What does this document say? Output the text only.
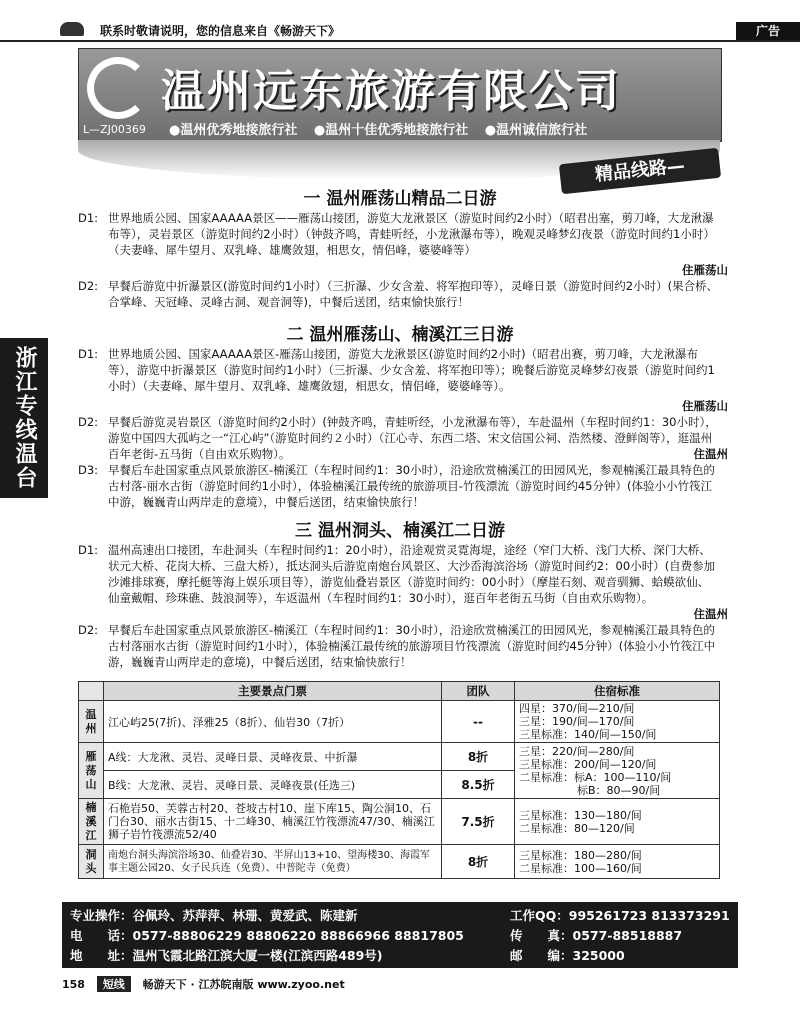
联系时敬请说明，您的信息来自《畅游天下》	广告
温州远东旅游有限公司
L—ZJ00369 ●温州优秀地接旅行社 ●温州十佳优秀地接旅行社 ●温州诚信旅行社
精品线路—
浙江专线温台
一 温州雁荡山精品二日游
D1: 世界地质公园、国家AAAAA景区——雁荡山接团，游览大龙湫景区（游览时间约2小时）（昭君出塞，剪刀峰，大龙湫瀑布等），灵岩景区（游览时间约2小时）（钟鼓齐鸣，青蛙听经，小龙湫瀑布等），晚观灵峰梦幻夜景（游览时间约1小时）（夫妻峰、犀牛望月、双乳峰、雄鹰敛翅，相思女，情侣峰，婆婆峰等）
住雁荡山
D2: 早餐后游览中折瀑景区(游览时间约1小时）（三折瀑、少女含羞、将军抱印等），灵峰日景（游览时间约2小时）(果合桥、合掌峰、天冠峰、灵峰古洞、观音洞等)，中餐后送团，结束愉快旅行！
二 温州雁荡山、楠溪江三日游
D1: 世界地质公园、国家AAAAA景区-雁荡山接团，游览大龙湫景区(游览时间约2小时)（昭君出赛，剪刀峰，大龙湫瀑布等），游览中折瀑景区（游览时间约1小时）（三折瀑、少女含羞、将军抱印等）；晚餐后游览灵峰梦幻夜景（游览时间约1小时）（夫妻峰、犀牛望月、双乳峰、雄鹰敛翅，相思女，情侣峰，婆婆峰等）。
住雁荡山
D2: 早餐后游览灵岩景区（游览时间约2小时）(钟鼓齐鸣，青蛙听经，小龙湫瀑布等），车赴温州（车程时间约1：30小时），游览中国四大孤屿之一“江心屿”（游览时间约２小时）（江心寺、东西二塔、宋文信国公祠、浩然楼、澄鲜阁等），逛温州百年老街-五马街（自由欢乐购物）。	住温州
D3: 早餐后车赴国家重点风景旅游区-楠溪江（车程时间约1：30小时），沿途欣赏楠溪江的田园风光，参观楠溪江最具特色的古村落-丽水古街（游览时间约1小时），体验楠溪江最传统的旅游项目-竹筏漂流（游览时间约45分钟）(体验小小竹筏江中游，巍巍青山两岸走的意境），中餐后送团，结束愉快旅行！
三 温州洞头、楠溪江二日游
D1: 温州高速出口接团，车赴洞头（车程时间约1：20小时），沿途观赏灵霓海堤，途经（窄门大桥、浅门大桥、深门大桥、状元大桥、花岗大桥、三盘大桥），抵达洞头后游览南炮台风景区、大沙岙海滨浴场（游览时间约2：00小时）(自费参加沙滩排球赛，摩托艇等海上娱乐项目等），游览仙叠岩景区（游览时间约：00小时）（摩崖石刻、观音驯狮、蛤蟆欲仙、仙童戴帽、珍珠礁、鼓浪洞等），车返温州（车程时间约1：30小时），逛百年老街五马街（自由欢乐购物）。
住温州
D2: 早餐后车赴国家重点风景旅游区-楠溪江（车程时间约1：30小时），沿途欣赏楠溪江的田园风光，参观楠溪江最具特色的古村落丽水古街（游览时间约1小时），体验楠溪江最传统的旅游项目竹筏漂流（游览时间约45分钟）(体验小小竹筏江中游，巍巍青山两岸走的意境)，中餐后送团，结束愉快旅行！
	主要景点门票	团队	住宿标准
温州	江心屿25(7折)、泽雅25（8折）、仙岩30（7折）	--	四星：370/间—210/间
三星：190/间—170/间
三星标准：140/间—150/间

雁荡山	A线：大龙湫、灵岩、灵峰日景、灵峰夜景、中折瀑	8折	三星：220/间—280/间
三星标准：200/间—120/间
二星标准：标A：100—110/间
标B：80—90/间

	B线：大龙湫、灵岩、灵峰日景、灵峰夜景(任选三)	8.5折	
楠溪江	石桅岩50、芙蓉古村20、苍坡古村10、崖下库15、陶公洞10、石门台30、丽水古街15、十二峰30、楠溪江竹筏漂流47/30、楠溪江狮子岩竹筏漂流52/40	7.5折	三星标准：130—180/间
二星标准：80—120/间

洞头	南炮台洞头海滨浴场30、仙叠岩30、半屏山13+10、望海楼30、海霞军事主题公园20、女子民兵连（免费）、中普陀寺（免费）	8折	三星标准：180—280/间
二星标准：100—160/间
专业操作：谷佩玲、苏萍萍、林珊、黄爱武、陈建新
电　　话：0577-88806229 88806220 88866966 88817805
地　　址：温州飞霞北路江滨大厦一楼(江滨西路489号)
工作QQ：995261723 813373291
传　　真：0577-88518887
邮　　编：325000
158 短线 畅游天下 · 江苏皖南版 www.zyoo.net
